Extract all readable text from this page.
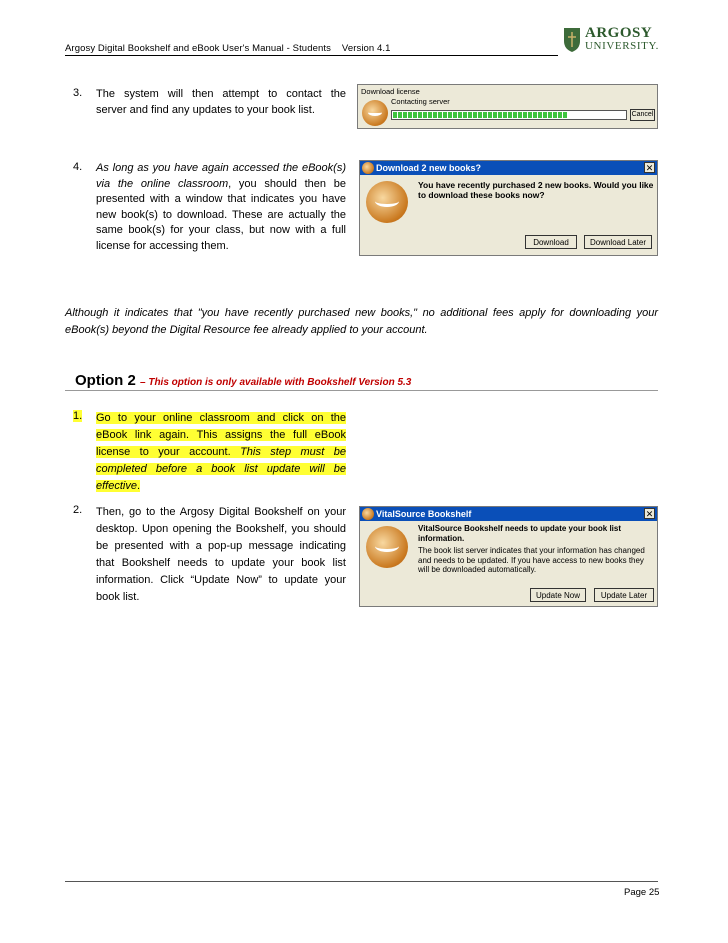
Argosy Digital Bookshelf and eBook User's Manual - Students Version 4.1
ARGOSY
UNIVERSITY.
3. The system will then attempt to contact the
server and find any updates to your book list.
Download license
Contacting server
Cancel
4. As long as you have again accessed the eBook(s) via the online classroom, you should then be presented with a window that indicates you have new book(s) to download. These are actually the same book(s) for your class, but now with a full license for accessing them.
Download 2 new books?	✕
You have recently purchased 2 new books. Would you like to download these books now?
Download	Download Later
Although it indicates that "you have recently purchased new books," no additional fees apply for downloading your eBook(s) beyond the Digital Resource fee already applied to your account.
Option 2 – This option is only available with Bookshelf Version 5.3
1. Go to your online classroom and click on the eBook link again. This assigns the full eBook license to your account. This step must be completed before a book list update will be effective.
2. Then, go to the Argosy Digital Bookshelf on your desktop. Upon opening the Bookshelf, you should be presented with a pop-up message indicating that Bookshelf needs to update your book list information. Click “Update Now” to update your book list.
VitalSource Bookshelf	✕
VitalSource Bookshelf needs to update your book list information.
The book list server indicates that your information has changed and needs to be updated. If you have access to new books they will be downloaded automatically.
Update Now	Update Later
Page 25
